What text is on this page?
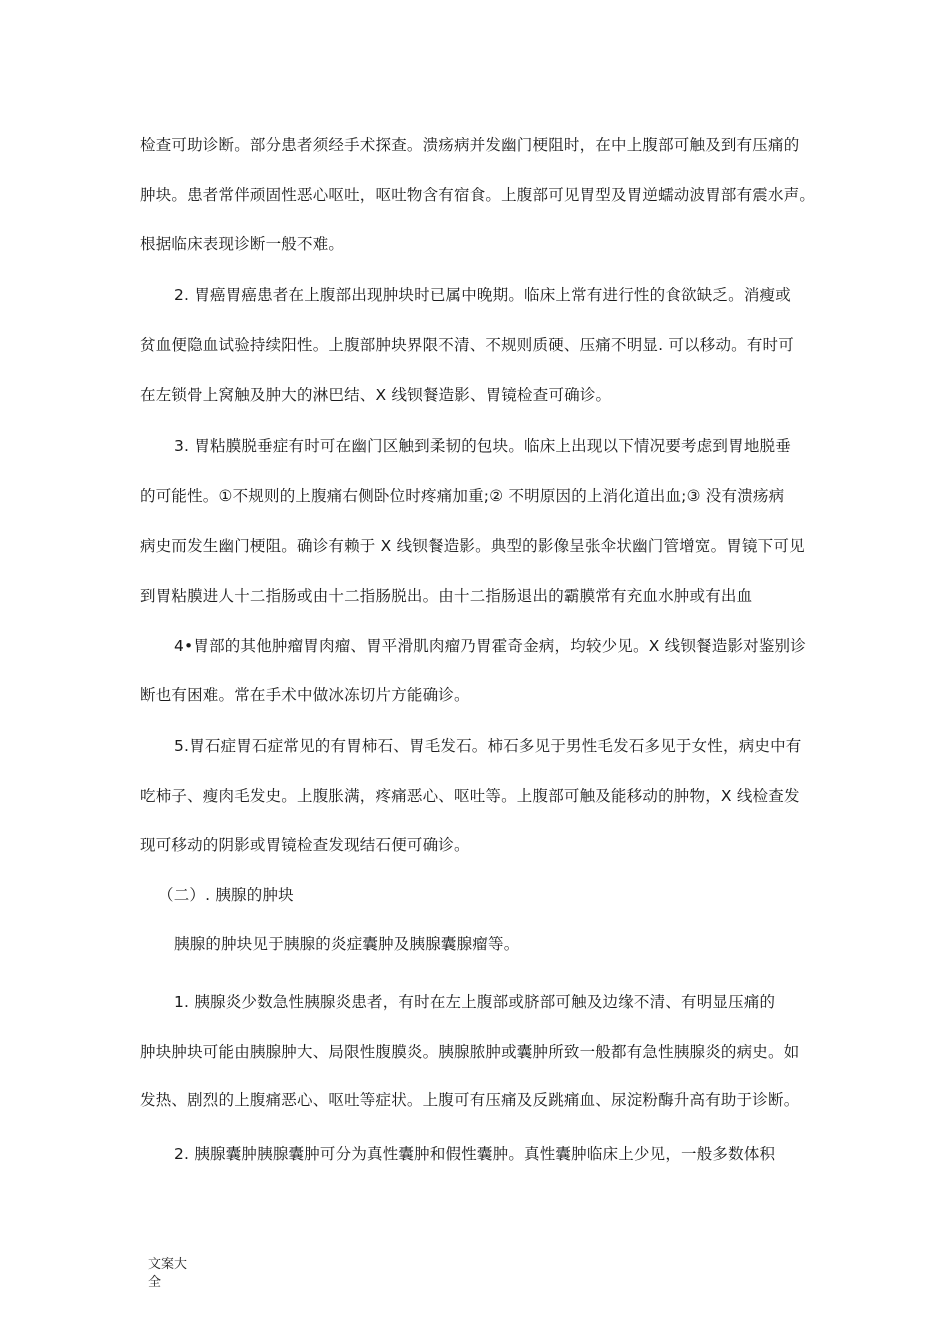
检查可助诊断。部分患者须经手术探查。溃疡病并发幽门梗阻时，在中上腹部可触及到有压痛的
肿块。患者常伴顽固性恶心呕吐，呕吐物含有宿食。上腹部可见胃型及胃逆蠕动波胃部有震水声。
根据临床表现诊断一般不难。
2. 胃癌胃癌患者在上腹部出现肿块时已属中晚期。临床上常有进行性的食欲缺乏。消瘦或
贫血便隐血试验持续阳性。上腹部肿块界限不清、不规则质硬、压痛不明显. 可以移动。有时可
在左锁骨上窝触及肿大的淋巴结、X 线钡餐造影、胃镜检查可确诊。
3. 胃粘膜脱垂症有时可在幽门区触到柔韧的包块。临床上出现以下情况要考虑到胃地脱垂
的可能性。①不规则的上腹痛右侧卧位时疼痛加重;② 不明原因的上消化道出血;③ 没有溃疡病
病史而发生幽门梗阻。确诊有赖于 X 线钡餐造影。典型的影像呈张伞状幽门管增宽。胃镜下可见
到胃粘膜进人十二指肠或由十二指肠脱出。由十二指肠退出的霸膜常有充血水肿或有出血
4•胃部的其他肿瘤胃肉瘤、胃平滑肌肉瘤乃胃霍奇金病，均较少见。X 线钡餐造影对鉴别诊
断也有困难。常在手术中做冰冻切片方能确诊。
5.胃石症胃石症常见的有胃柿石、胃毛发石。柿石多见于男性毛发石多见于女性，病史中有
吃柿子、瘦肉毛发史。上腹胀满，疼痛恶心、呕吐等。上腹部可触及能移动的肿物，X 线检查发
现可移动的阴影或胃镜检查发现结石便可确诊。
（二）. 胰腺的肿块
胰腺的肿块见于胰腺的炎症囊肿及胰腺囊腺瘤等。
1. 胰腺炎少数急性胰腺炎患者，有时在左上腹部或脐部可触及边缘不清、有明显压痛的
肿块肿块可能由胰腺肿大、局限性腹膜炎。胰腺脓肿或囊肿所致一般都有急性胰腺炎的病史。如
发热、剧烈的上腹痛恶心、呕吐等症状。上腹可有压痛及反跳痛血、尿淀粉酶升高有助于诊断。
2. 胰腺囊肿胰腺囊肿可分为真性囊肿和假性囊肿。真性囊肿临床上少见，一般多数体积
文案大
全
